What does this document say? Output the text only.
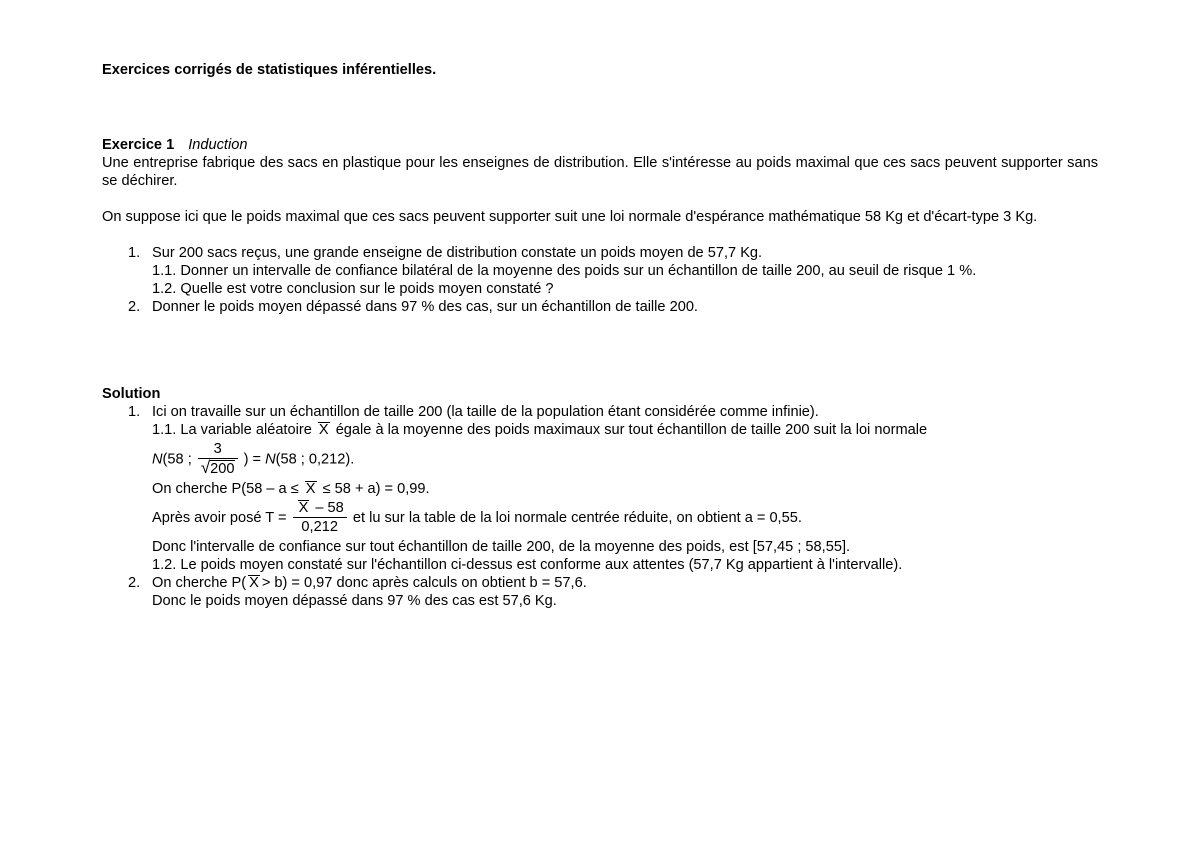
Exercices corrigés de statistiques inférentielles.

Exercice 1 Induction

Une entreprise fabrique des sacs en plastique pour les enseignes de distribution. Elle s'intéresse au poids maximal que ces sacs peuvent supporter sans se déchirer.

On suppose ici que le poids maximal que ces sacs peuvent supporter suit une loi normale d'espérance mathématique 58 Kg et d'écart-type 3 Kg.

1. Sur 200 sacs reçus, une grande enseigne de distribution constate un poids moyen de 57,7 Kg.
1.1. Donner un intervalle de confiance bilatéral de la moyenne des poids sur un échantillon de taille 200, au seuil de risque 1 %.
1.2. Quelle est votre conclusion sur le poids moyen constaté ?
2. Donner le poids moyen dépassé dans 97 % des cas, sur un échantillon de taille 200.

Solution

1. Ici on travaille sur un échantillon de taille 200 (la taille de la population étant considérée comme infinie).
1.1. La variable aléatoire X égale à la moyenne des poids maximaux sur tout échantillon de taille 200 suit la loi normale
N(58 ; $\frac{3}{√200}$ ) = N(58 ; 0,212).
On cherche P(58 – a ≤ X ≤ 58 + a) = 0,99.
Après avoir posé $T = \frac{X - 58}{0,212}$ et lu sur la table de la loi normale centrée réduite, on obtient a = 0,55.
Donc l'intervalle de confiance sur tout échantillon de taille 200, de la moyenne des poids, est [57,45 ; 58,55].
1.2. Le poids moyen constaté sur l'échantillon ci-dessus est conforme aux attentes (57,7 Kg appartient à l'intervalle).
2. On cherche P( X > b) = 0,97 donc après calculs on obtient b = 57,6.
Donc le poids moyen dépassé dans 97 % des cas est 57,6 Kg.
